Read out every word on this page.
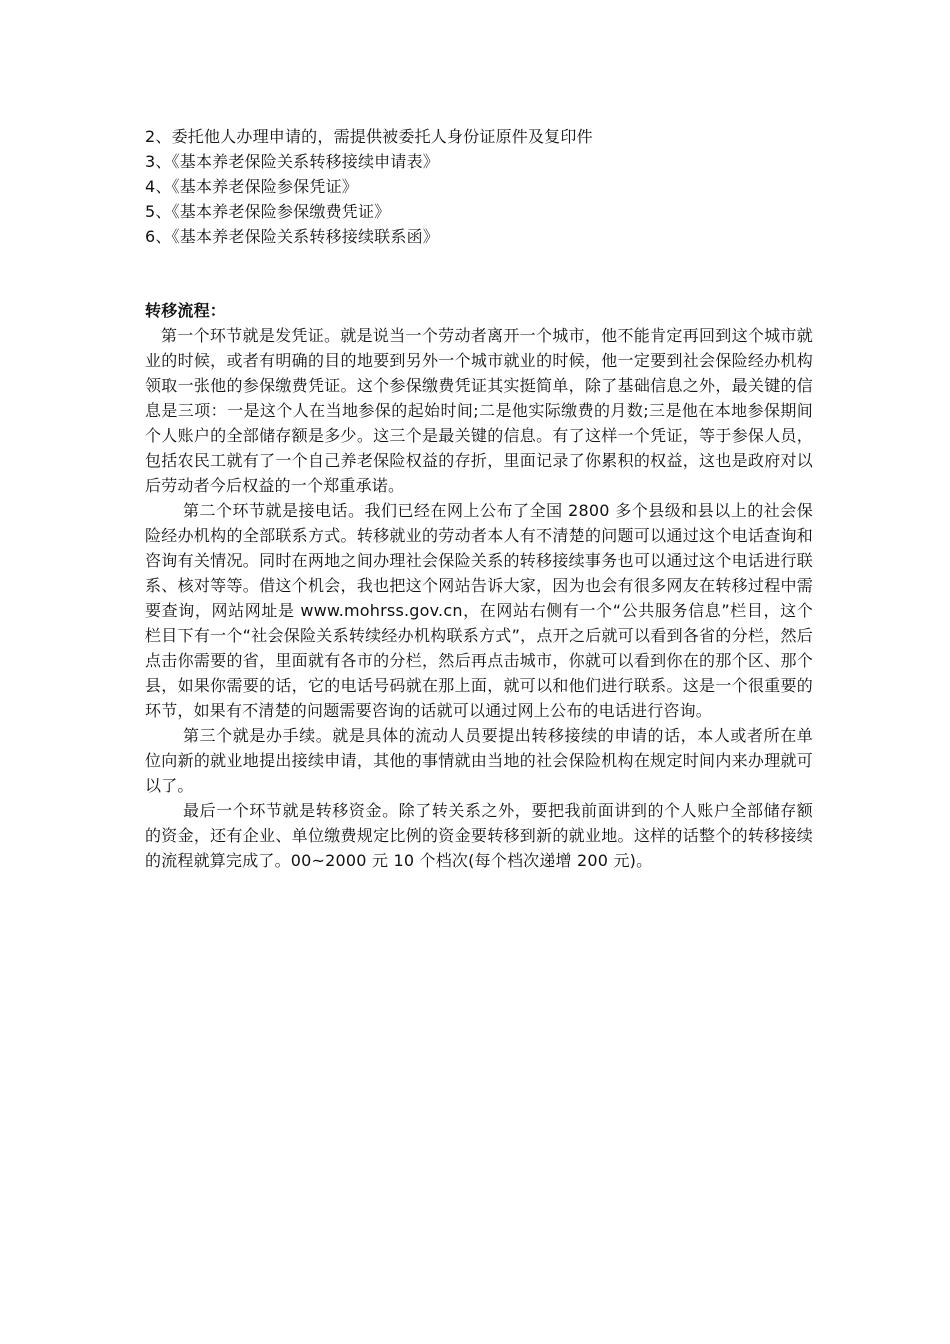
2、委托他人办理申请的，需提供被委托人身份证原件及复印件

3、《基本养老保险关系转移接续申请表》

4、《基本养老保险参保凭证》

5、《基本养老保险参保缴费凭证》

6、《基本养老保险关系转移接续联系函》

转移流程：

第一个环节就是发凭证。就是说当一个劳动者离开一个城市，他不能肯定再回到这个城市就业的时候，或者有明确的目的地要到另外一个城市就业的时候，他一定要到社会保险经办机构领取一张他的参保缴费凭证。这个参保缴费凭证其实挺简单，除了基础信息之外，最关键的信息是三项：一是这个人在当地参保的起始时间;二是他实际缴费的月数;三是他在本地参保期间个人账户的全部储存额是多少。这三个是最关键的信息。有了这样一个凭证，等于参保人员，包括农民工就有了一个自己养老保险权益的存折，里面记录了你累积的权益，这也是政府对以后劳动者今后权益的一个郑重承诺。

第二个环节就是接电话。我们已经在网上公布了全国 2800 多个县级和县以上的社会保险经办机构的全部联系方式。转移就业的劳动者本人有不清楚的问题可以通过这个电话查询和咨询有关情况。同时在两地之间办理社会保险关系的转移接续事务也可以通过这个电话进行联系、核对等等。借这个机会，我也把这个网站告诉大家，因为也会有很多网友在转移过程中需要查询，网站网址是 www.mohrss.gov.cn，在网站右侧有一个“公共服务信息”栏目，这个栏目下有一个“社会保险关系转续经办机构联系方式”，点开之后就可以看到各省的分栏，然后点击你需要的省，里面就有各市的分栏，然后再点击城市，你就可以看到你在的那个区、那个县，如果你需要的话，它的电话号码就在那上面，就可以和他们进行联系。这是一个很重要的环节，如果有不清楚的问题需要咨询的话就可以通过网上公布的电话进行咨询。

第三个就是办手续。就是具体的流动人员要提出转移接续的申请的话，本人或者所在单位向新的就业地提出接续申请，其他的事情就由当地的社会保险机构在规定时间内来办理就可以了。

最后一个环节就是转移资金。除了转关系之外，要把我前面讲到的个人账户全部储存额的资金，还有企业、单位缴费规定比例的资金要转移到新的就业地。这样的话整个的转移接续的流程就算完成了。00~2000 元 10 个档次(每个档次递增 200 元)。
